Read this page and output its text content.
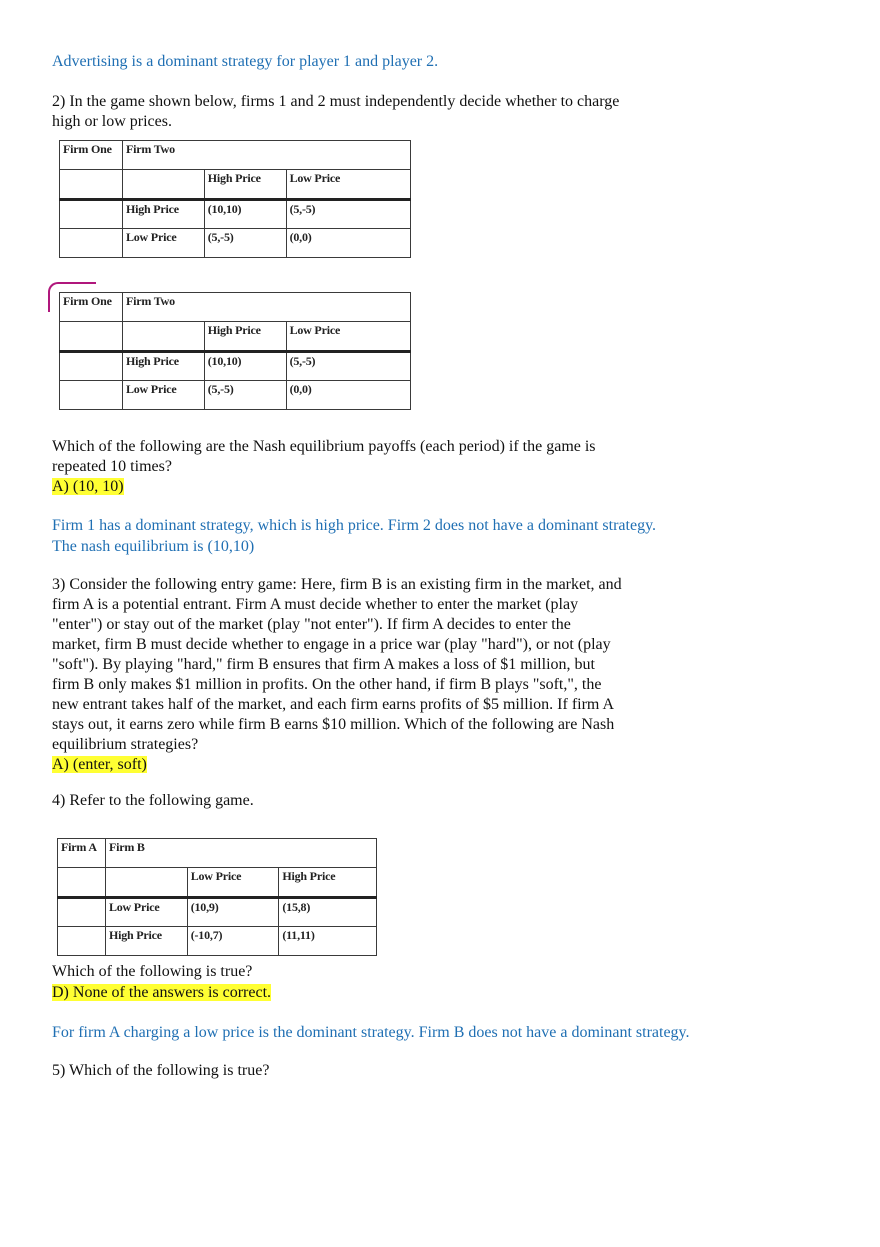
Advertising is a dominant strategy for player 1 and player 2.

2) In the game shown below, firms 1 and 2 must independently decide whether to charge

high or low prices.

Firm One	Firm Two		
		High Price	Low Price
	High Price	(10,10)	(5,-5)
	Low Price	(5,-5)	(0,0)
Firm One	Firm Two		
		High Price	Low Price
	High Price	(10,10)	(5,-5)
	Low Price	(5,-5)	(0,0)

Which of the following are the Nash equilibrium payoffs (each period) if the game is

repeated 10 times?

A) (10, 10)

Firm 1 has a dominant strategy, which is high price. Firm 2 does not have a dominant strategy.

The nash equilibrium is (10,10)

3) Consider the following entry game: Here, firm B is an existing firm in the market, and

firm A is a potential entrant. Firm A must decide whether to enter the market (play

"enter") or stay out of the market (play "not enter"). If firm A decides to enter the

market, firm B must decide whether to engage in a price war (play "hard"), or not (play

"soft"). By playing "hard," firm B ensures that firm A makes a loss of $1 million, but

firm B only makes $1 million in profits. On the other hand, if firm B plays "soft,", the

new entrant takes half of the market, and each firm earns profits of $5 million. If firm A

stays out, it earns zero while firm B earns $10 million. Which of the following are Nash

equilibrium strategies?

A) (enter, soft)

4) Refer to the following game.

Firm A	Firm B		
		Low Price	High Price
	Low Price	(10,9)	(15,8)
	High Price	(-10,7)	(11,11)

Which of the following is true?

D) None of the answers is correct.

For firm A charging a low price is the dominant strategy. Firm B does not have a dominant strategy.

5) Which of the following is true?
